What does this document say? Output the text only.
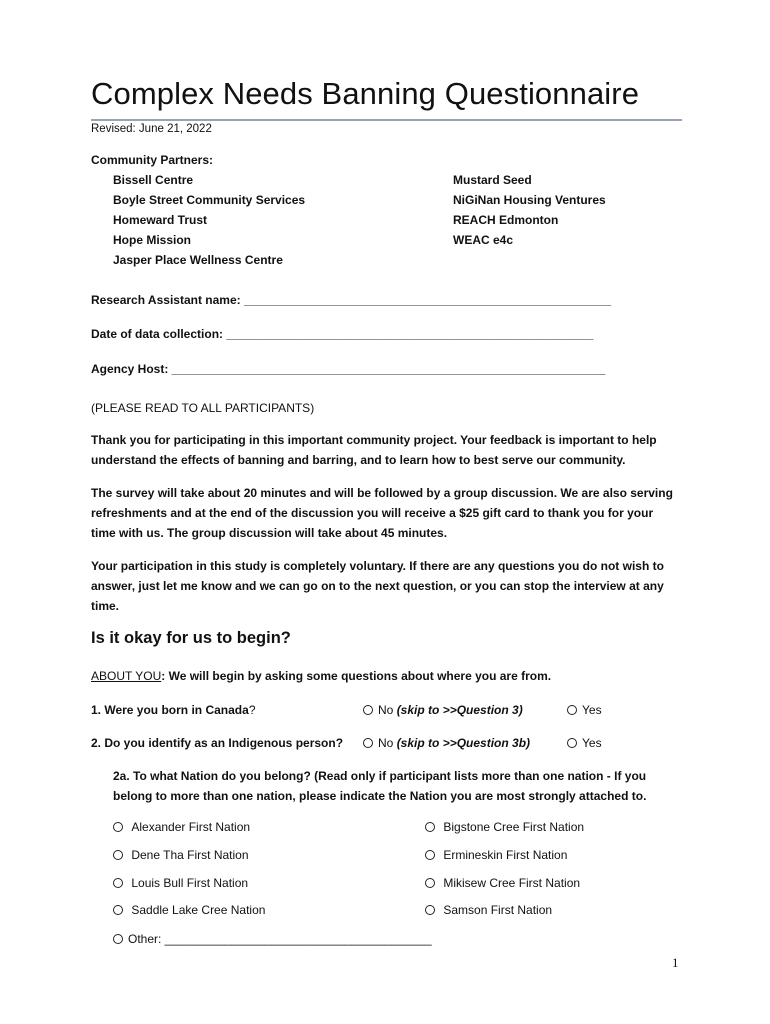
Complex Needs Banning Questionnaire
Revised: June 21, 2022
Community Partners:
Bissell Centre
Boyle Street Community Services
Homeward Trust
Hope Mission
Jasper Place Wellness Centre
Mustard Seed
NiGiNan Housing Ventures
REACH Edmonton
WEAC e4c
Research Assistant name: _______________________________________________________
Date of data collection: _______________________________________________________
Agency Host: _________________________________________________________________
(PLEASE READ TO ALL PARTICIPANTS)
Thank you for participating in this important community project. Your feedback is important to help understand the effects of banning and barring, and to learn how to best serve our community.
The survey will take about 20 minutes and will be followed by a group discussion. We are also serving refreshments and at the end of the discussion you will receive a $25 gift card to thank you for your time with us. The group discussion will take about 45 minutes.
Your participation in this study is completely voluntary. If there are any questions you do not wish to answer, just let me know and we can go on to the next question, or you can stop the interview at any time.
Is it okay for us to begin?
ABOUT YOU: We will begin by asking some questions about where you are from.
1. Were you born in Canada?	No (skip to >>Question 3)	Yes
2. Do you identify as an Indigenous person?	No (skip to >>Question 3b)	Yes
2a. To what Nation do you belong? (Read only if participant lists more than one nation - If you belong to more than one nation, please indicate the Nation you are most strongly attached to.
Alexander First Nation
Dene Tha First Nation
Louis Bull First Nation
Saddle Lake Cree Nation
Bigstone Cree First Nation
Ermineskin First Nation
Mikisew Cree First Nation
Samson First Nation
Other: ________________________________________
1
